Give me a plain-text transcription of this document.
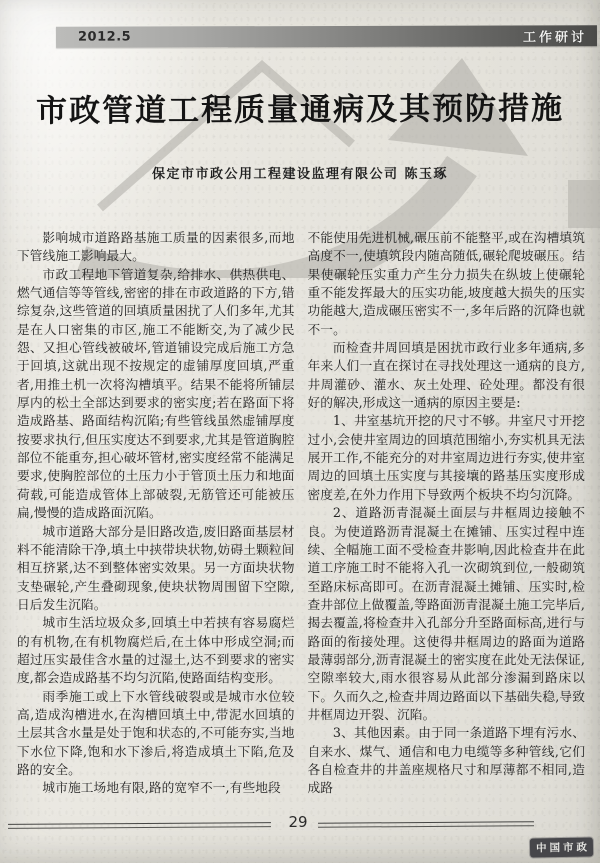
2012.5	工作研讨
市政管道工程质量通病及其预防措施
保定市市政公用工程建设监理有限公司 陈玉琢

影响城市道路路基施工质量的因素很多,而地下管线施工影响最大。

市政工程地下管道复杂,给排水、供热供电、燃气通信等等管线,密密的排在市政道路的下方,错综复杂,这些管道的回填质量困扰了人们多年,尤其是在人口密集的市区,施工不能断交,为了减少民怨、又担心管线被破坏,管道铺设完成后施工方急于回填,这就出现不按规定的虚铺厚度回填,严重者,用推土机一次将沟槽填平。结果不能将所铺层厚内的松土全部达到要求的密实度;若在路面下将造成路基、路面结构沉陷;有些管线虽然虚铺厚度按要求执行,但压实度达不到要求,尤其是管道胸腔部位不能重夯,担心破坏管材,密实度经常不能满足要求,使胸腔部位的土压力小于管顶土压力和地面荷载,可能造成管体上部破裂,无筋管还可能被压扁,慢慢的造成路面沉陷。

城市道路大部分是旧路改造,废旧路面基层材料不能清除干净,填土中挟带块状物,妨碍土颗粒间相互挤紧,达不到整体密实效果。另一方面块状物支垫碾轮,产生叠砌现象,使块状物周围留下空隙,日后发生沉陷。

城市生活垃圾众多,回填土中若挟有容易腐烂的有机物,在有机物腐烂后,在土体中形成空洞;而超过压实最佳含水量的过湿土,达不到要求的密实度,都会造成路基不均匀沉陷,使路面结构变形。

雨季施工或上下水管线破裂或是城市水位较高,造成沟槽进水,在沟槽回填土中,带泥水回填的土层其含水量是处于饱和状态的,不可能夯实,当地下水位下降,饱和水下渗后,将造成填土下陷,危及路的安全。

城市施工场地有限,路的宽窄不一,有些地段

不能使用先进机械,碾压前不能整平,或在沟槽填筑高度不一,使填筑段内随高随低,碾轮爬坡碾压。结果使碾轮压实重力产生分力损失在纵坡上使碾轮重不能发挥最大的压实功能,坡度越大损失的压实功能越大,造成碾压密实不一,多年后路的沉降也就不一。

而检查井周回填是困扰市政行业多年通病,多年来人们一直在探讨在寻找处理这一通病的良方,井周灌砂、灌水、灰土处理、砼处理。都没有很好的解决,形成这一通病的原因主要是:

1、井室基坑开挖的尺寸不够。井室尺寸开挖过小,会使井室周边的回填范围缩小,夯实机具无法展开工作,不能充分的对井室周边进行夯实,使井室周边的回填土压实度与其接壤的路基压实度形成密度差,在外力作用下导致两个板块不均匀沉降。

2、道路沥青混凝土面层与井框周边接触不良。为使道路沥青混凝土在摊铺、压实过程中连续、全幅施工面不受检查井影响,因此检查井在此道工序施工时不能将入孔一次砌筑到位,一般砌筑至路床标高即可。在沥青混凝土摊铺、压实时,检查井部位上做覆盖,等路面沥青混凝土施工完毕后,揭去覆盖,将检查井入孔部分升至路面标高,进行与路面的衔接处理。这使得井框周边的路面为道路最薄弱部分,沥青混凝土的密实度在此处无法保证,空隙率较大,雨水很容易从此部分渗漏到路床以下。久而久之,检查井周边路面以下基础失稳,导致井框周边开裂、沉陷。

3、其他因素。由于同一条道路下埋有污水、自来水、煤气、通信和电力电缆等多种管线,它们各自检查井的井盖座规格尺寸和厚薄都不相同,造成路

29
中国市政
